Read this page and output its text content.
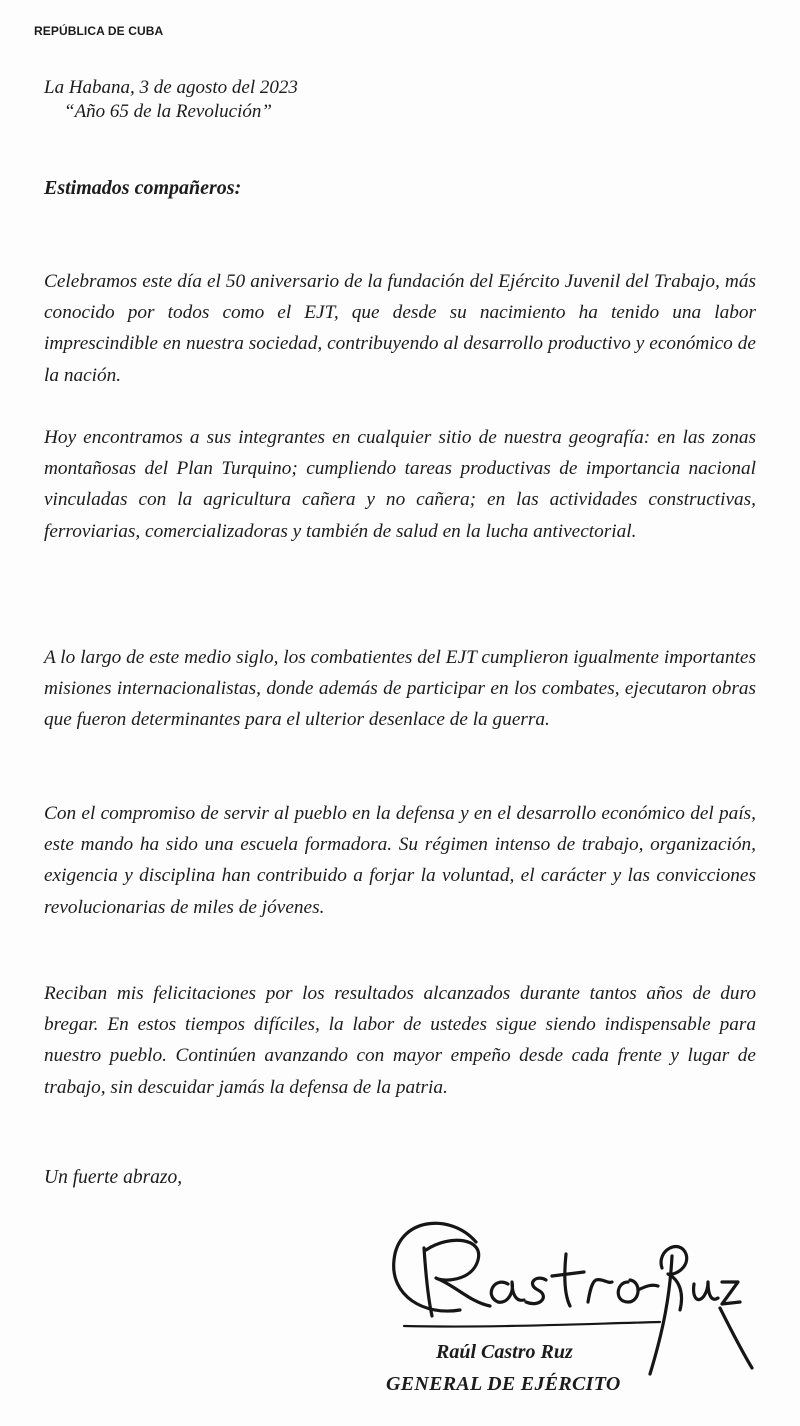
REPÚBLICA DE CUBA
La Habana, 3 de agosto del 2023
“Año 65 de la Revolución”
Estimados compañeros:

Celebramos este día el 50 aniversario de la fundación del Ejército Juvenil del Trabajo, más conocido por todos como el EJT, que desde su nacimiento ha tenido una labor imprescindible en nuestra sociedad, contribuyendo al desarrollo productivo y económico de la nación.

Hoy encontramos a sus integrantes en cualquier sitio de nuestra geografía: en las zonas montañosas del Plan Turquino; cumpliendo tareas productivas de importancia nacional vinculadas con la agricultura cañera y no cañera; en las actividades constructivas, ferroviarias, comercializadoras y también de salud en la lucha antivectorial.

A lo largo de este medio siglo, los combatientes del EJT cumplieron igualmente importantes misiones internacionalistas, donde además de participar en los combates, ejecutaron obras que fueron determinantes para el ulterior desenlace de la guerra.

Con el compromiso de servir al pueblo en la defensa y en el desarrollo económico del país, este mando ha sido una escuela formadora. Su régimen intenso de trabajo, organización, exigencia y disciplina han contribuido a forjar la voluntad, el carácter y las convicciones revolucionarias de miles de jóvenes.

Reciban mis felicitaciones por los resultados alcanzados durante tantos años de duro bregar. En estos tiempos difíciles, la labor de ustedes sigue siendo indispensable para nuestro pueblo. Continúen avanzando con mayor empeño desde cada frente y lugar de trabajo, sin descuidar jamás la defensa de la patria.

Un fuerte abrazo,
Raúl Castro Ruz
GENERAL DE EJÉRCITO
